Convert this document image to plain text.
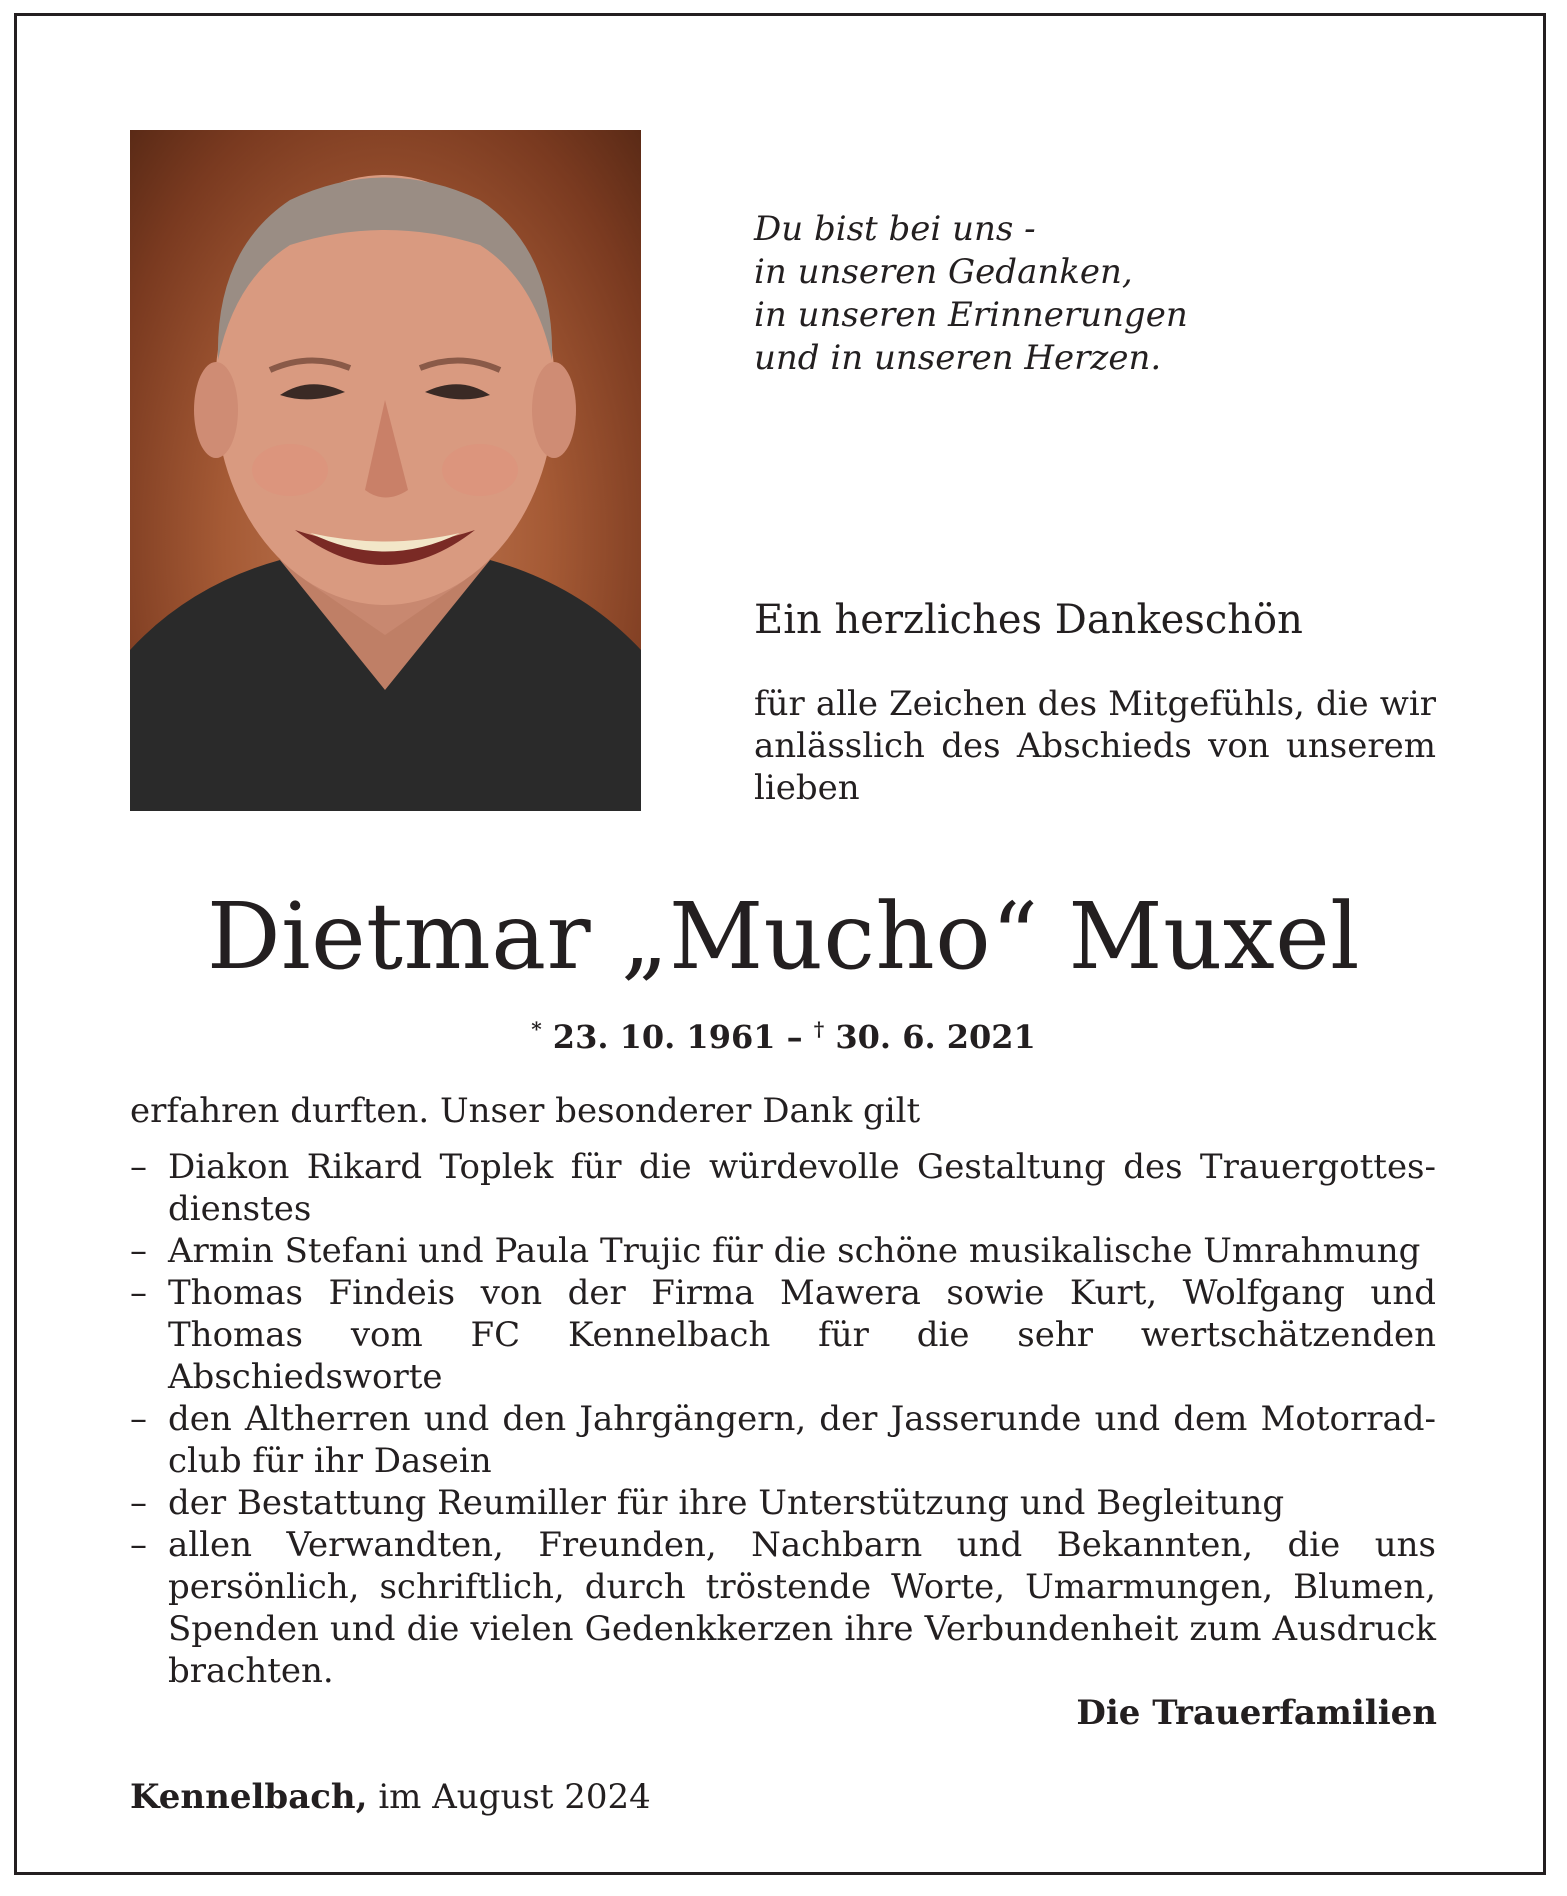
Du bist bei uns -
in unseren Gedanken,
in unseren Erinnerungen
und in unseren Herzen.
Ein herzliches Dankeschön
für alle Zeichen des Mitgefühls, die wir anlässlich des Abschieds von unserem
lieben
Dietmar „Mucho“ Muxel
* 23. 10. 1961 – † 30. 6. 2021
erfahren durften. Unser besonderer Dank gilt
– Diakon Rikard Toplek für die würdevolle Gestaltung des Trauergottes-dienstes
– Armin Stefani und Paula Trujic für die schöne musikalische Umrahmung
– Thomas Findeis von der Firma Mawera sowie Kurt, Wolfgang und Thomas vom FC Kennelbach für die sehr wertschätzenden Abschiedsworte
– den Altherren und den Jahrgängern, der Jasserunde und dem Motorrad-club für ihr Dasein
– der Bestattung Reumiller für ihre Unterstützung und Begleitung
– allen Verwandten, Freunden, Nachbarn und Bekannten, die uns persönlich, schriftlich, durch tröstende Worte, Umarmungen, Blumen, Spenden und die vielen Gedenkkerzen ihre Verbundenheit zum Ausdruck brachten.
Die Trauerfamilien
Kennelbach, im August 2024
